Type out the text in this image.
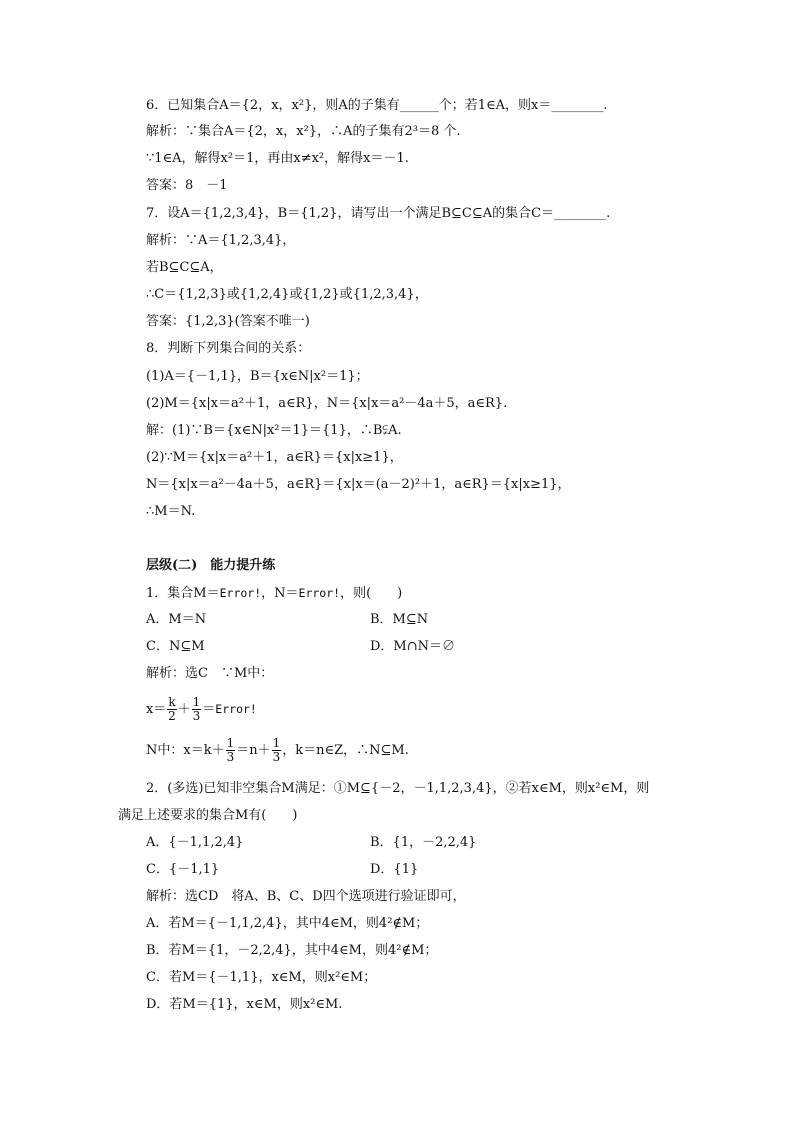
6．已知集合A＝{2，x，x²}，则A的子集有______个；若1∈A，则x＝________.
解析：∵集合A＝{2，x，x²}，∴A的子集有2³＝8 个.
∵1∈A，解得x²＝1，再由x≠x²，解得x＝－1.
答案：8　－1
7．设A＝{1,2,3,4}，B＝{1,2}，请写出一个满足B⊆C⊆A的集合C＝________.
解析：∵A＝{1,2,3,4}，
若B⊆C⊆A，
∴C＝{1,2,3}或{1,2,4}或{1,2}或{1,2,3,4}，
答案：{1,2,3}(答案不唯一)
8．判断下列集合间的关系：
(1)A＝{－1,1}，B＝{x∈N|x²＝1}；
(2)M＝{x|x＝a²＋1，a∈R}，N＝{x|x＝a²－4a＋5，a∈R}.
解：(1)∵B＝{x∈N|x²＝1}＝{1}，∴B⫋A.
(2)∵M＝{x|x＝a²＋1，a∈R}＝{x|x≥1}，
N＝{x|x＝a²－4a＋5，a∈R}＝{x|x＝(a－2)²＋1，a∈R}＝{x|x≥1}，
∴M＝N.
层级(二)　能力提升练
1．集合M＝Error!，N＝Error!，则(　　)
A．M＝N	B．M⊆N
C．N⊆M	D．M∩N＝∅
解析：选C　∵M中：
$x= \frac{k}{2} + \frac{1}{3}$ ＝Error!
N中：$x=k+ \frac{1}{3} =n+ \frac{1}{3}$ ，k＝n∈Z，∴N⊆M.
2．(多选)已知非空集合M满足：①M⊆{－2，－1,1,2,3,4}，②若x∈M，则x²∈M，则
满足上述要求的集合M有(　　)
A．{－1,1,2,4}	B．{1，－2,2,4}
C．{－1,1}	D．{1}
解析：选CD　将A、B、C、D四个选项进行验证即可，
A．若M＝{－1,1,2,4}，其中4∈M，则4²∉M；
B．若M＝{1，－2,2,4}，其中4∈M，则4²∉M；
C．若M＝{－1,1}，x∈M，则x²∈M；
D．若M＝{1}，x∈M，则x²∈M.
